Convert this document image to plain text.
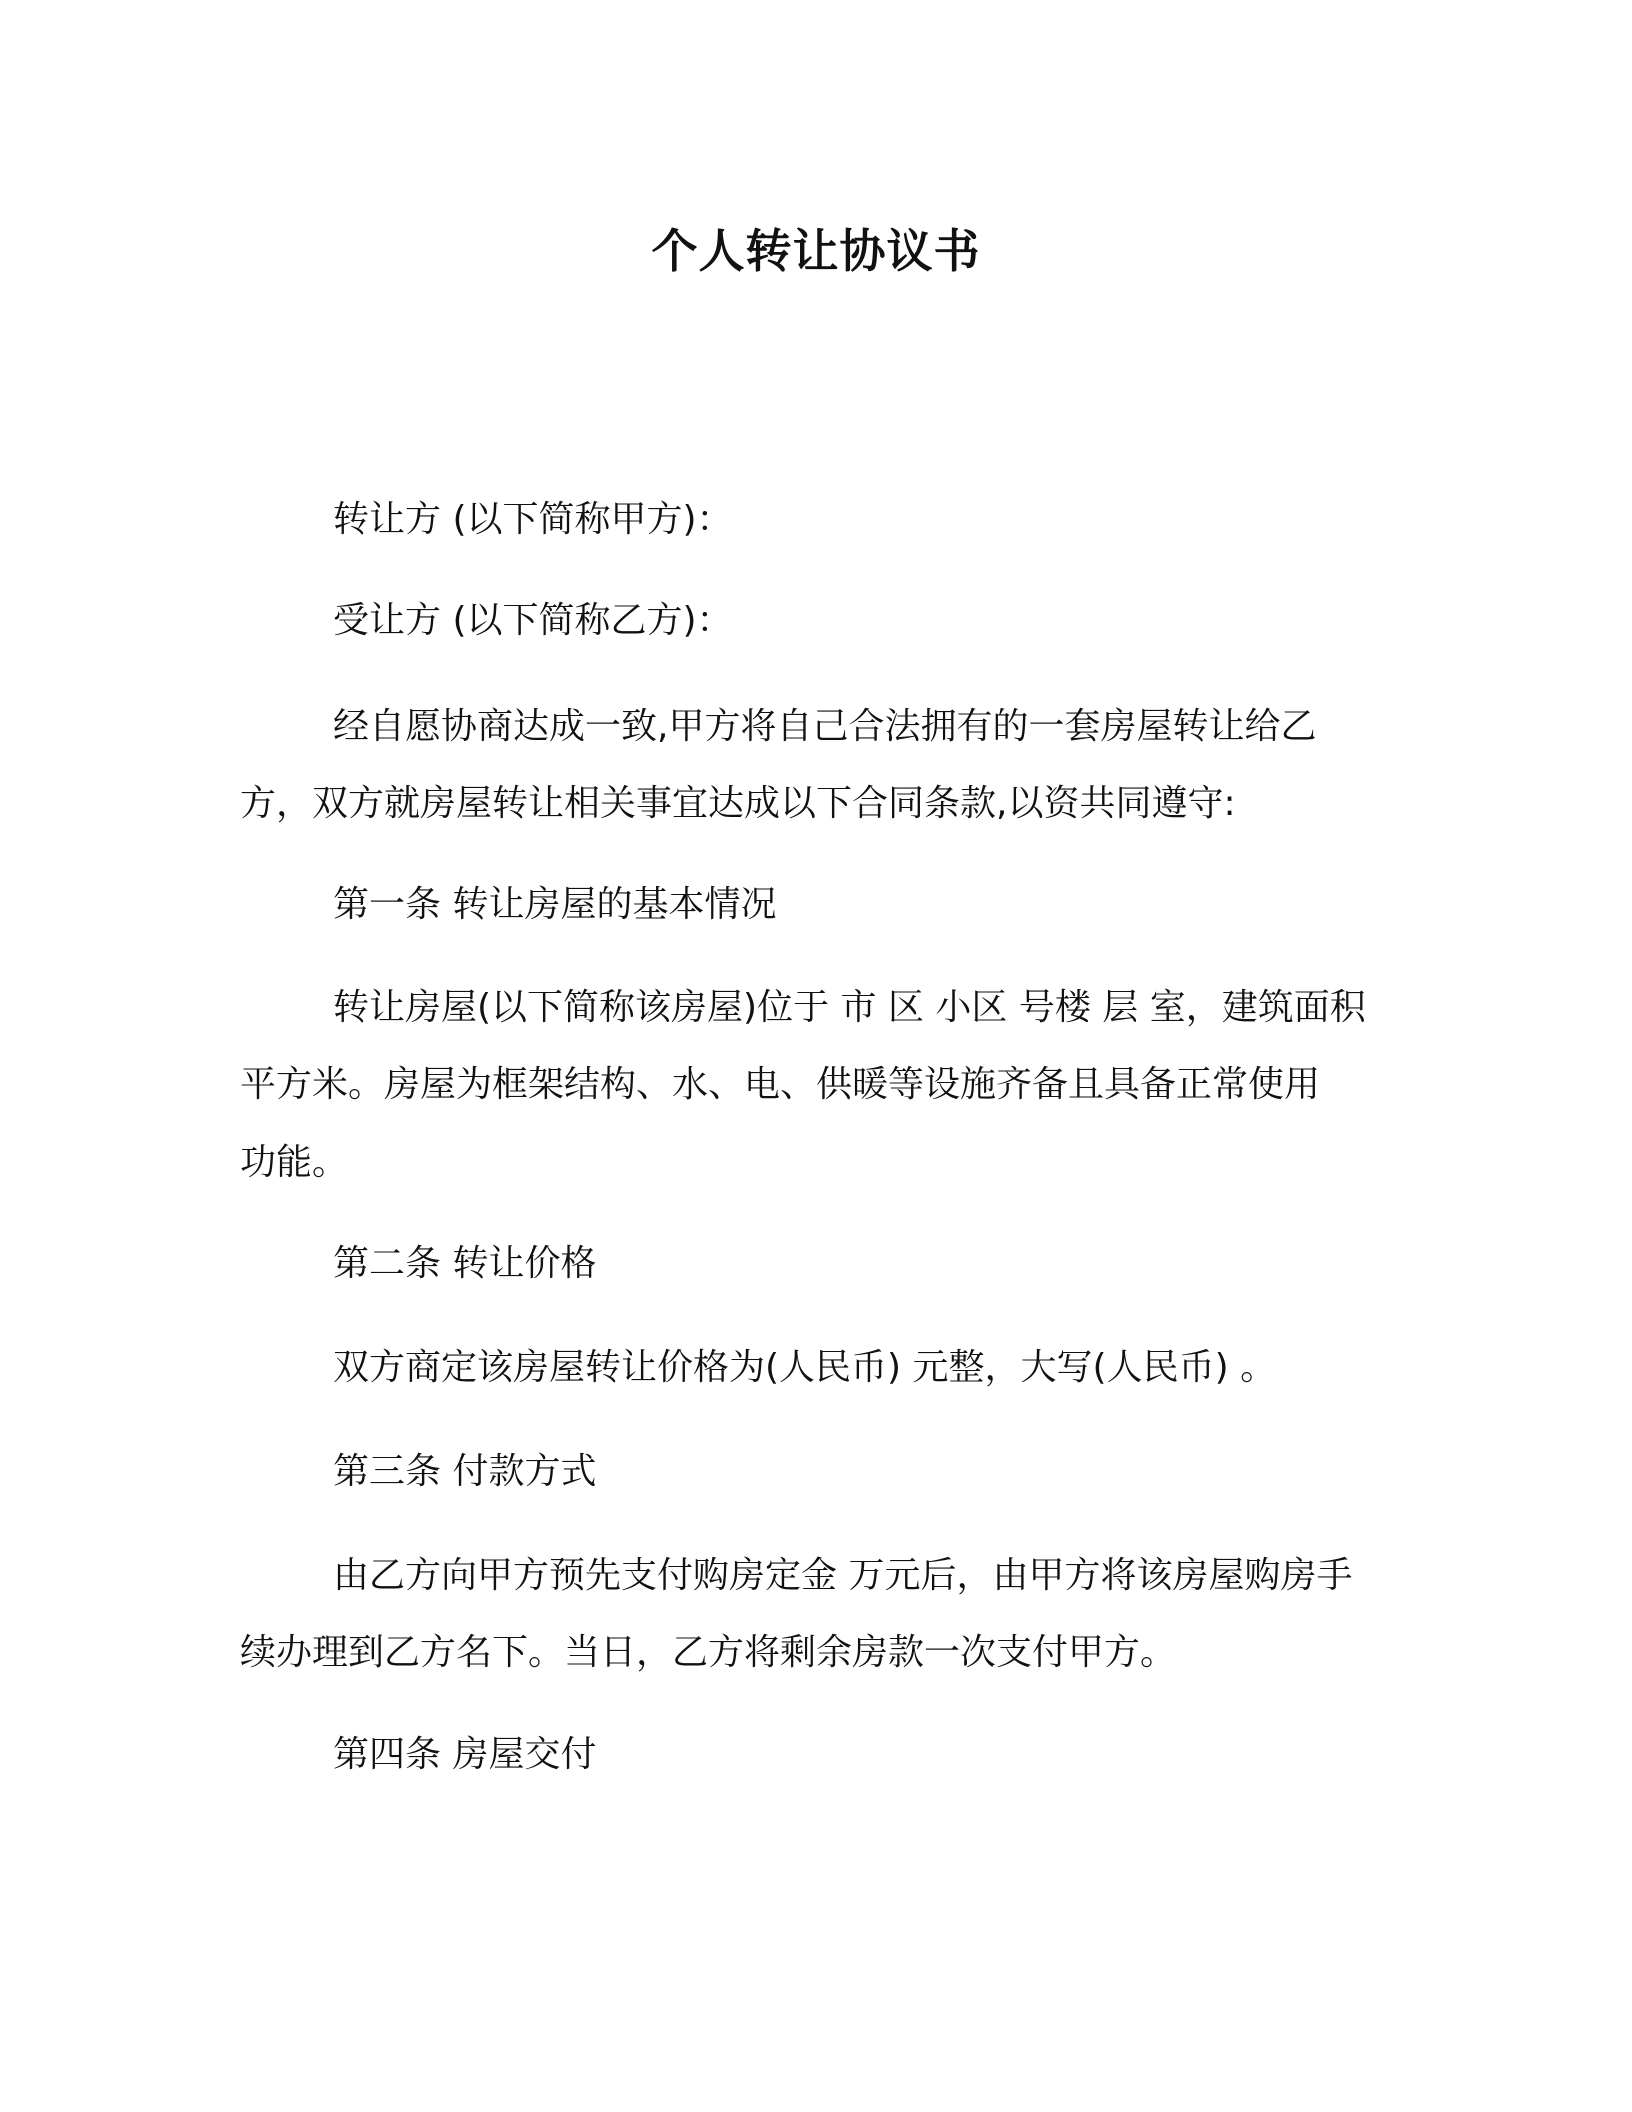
个人转让协议书
转让方 (以下简称甲方)：
受让方 (以下简称乙方)：
经自愿协商达成一致,甲方将自己合法拥有的一套房屋转让给乙
方，双方就房屋转让相关事宜达成以下合同条款,以资共同遵守:
第一条 转让房屋的基本情况
转让房屋(以下简称该房屋)位于 市 区 小区 号楼 层 室，建筑面积
平方米。房屋为框架结构、水、电、供暖等设施齐备且具备正常使用
功能。
第二条 转让价格
双方商定该房屋转让价格为(人民币) 元整，大写(人民币) 。
第三条 付款方式
由乙方向甲方预先支付购房定金 万元后，由甲方将该房屋购房手
续办理到乙方名下。当日，乙方将剩余房款一次支付甲方。
第四条 房屋交付
